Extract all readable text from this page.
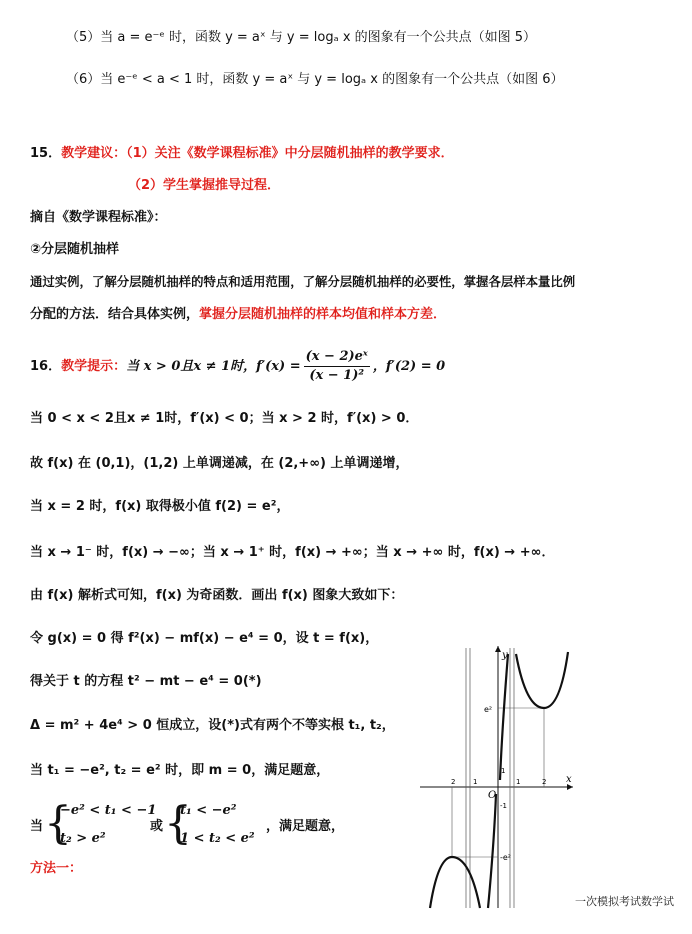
（5）当 a = e⁻ᵉ 时，函数 y = aˣ 与 y = logₐ x 的图象有一个公共点（如图 5）
（6）当 e⁻ᵉ < a < 1 时，函数 y = aˣ 与 y = logₐ x 的图象有一个公共点（如图 6）
15．教学建议：（1）关注《数学课程标准》中分层随机抽样的教学要求．
（2）学生掌握推导过程．
摘自《数学课程标准》：
②分层随机抽样
通过实例，了解分层随机抽样的特点和适用范围，了解分层随机抽样的必要性，掌握各层样本量比例
分配的方法．结合具体实例，掌握分层随机抽样的样本均值和样本方差．
16．教学提示：当 x > 0且x ≠ 1时，$f'(x) = \frac{\text{(x − 2)eˣ}}{\text{(x − 1)²}}$ ，f′(2) = 0
当 0 < x < 2且x ≠ 1时，f′(x) < 0；当 x > 2 时，f′(x) > 0．
故 f(x) 在 (0,1)，(1,2) 上单调递减，在 (2,+∞) 上单调递增，
当 x = 2 时，f(x) 取得极小值 f(2) = e²，
当 x → 1⁻ 时，f(x) → −∞；当 x → 1⁺ 时，f(x) → +∞；当 x → +∞ 时，f(x) → +∞．
由 f(x) 解析式可知，f(x) 为奇函数．画出 f(x) 图象大致如下：
令 g(x) = 0 得 f²(x) − mf(x) − e⁴ = 0，设 t = f(x)，
得关于 t 的方程 t² − mt − e⁴ = 0(*)
Δ = m² + 4e⁴ > 0 恒成立，设(*)式有两个不等实根 t₁, t₂，
当 t₁ = −e², t₂ = e² 时，即 m = 0，满足题意，
当 {
−e² < t₁ < −1
t₂ > e²
或 {
t₁ < −e²
1 < t₂ < e²
，满足题意，
方法一：
y
x
O
e²
-e²
1
2	1	1	2
-1
一次模拟考试数学试
